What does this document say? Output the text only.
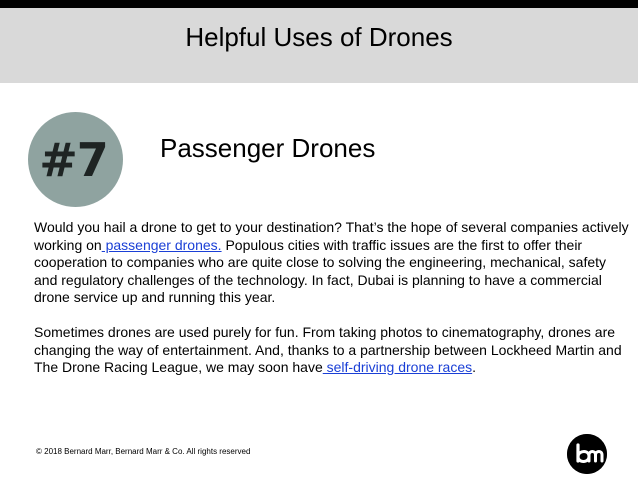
Helpful Uses of Drones
#7 Passenger Drones

Would you hail a drone to get to your destination? That’s the hope of several companies actively working on passenger drones. Populous cities with traffic issues are the first to offer their cooperation to companies who are quite close to solving the engineering, mechanical, safety and regulatory challenges of the technology. In fact, Dubai is planning to have a commercial drone service up and running this year.

Sometimes drones are used purely for fun. From taking photos to cinematography, drones are changing the way of entertainment. And, thanks to a partnership between Lockheed Martin and The Drone Racing League, we may soon have self-driving drone races.

© 2018 Bernard Marr, Bernard Marr & Co. All rights reserved
